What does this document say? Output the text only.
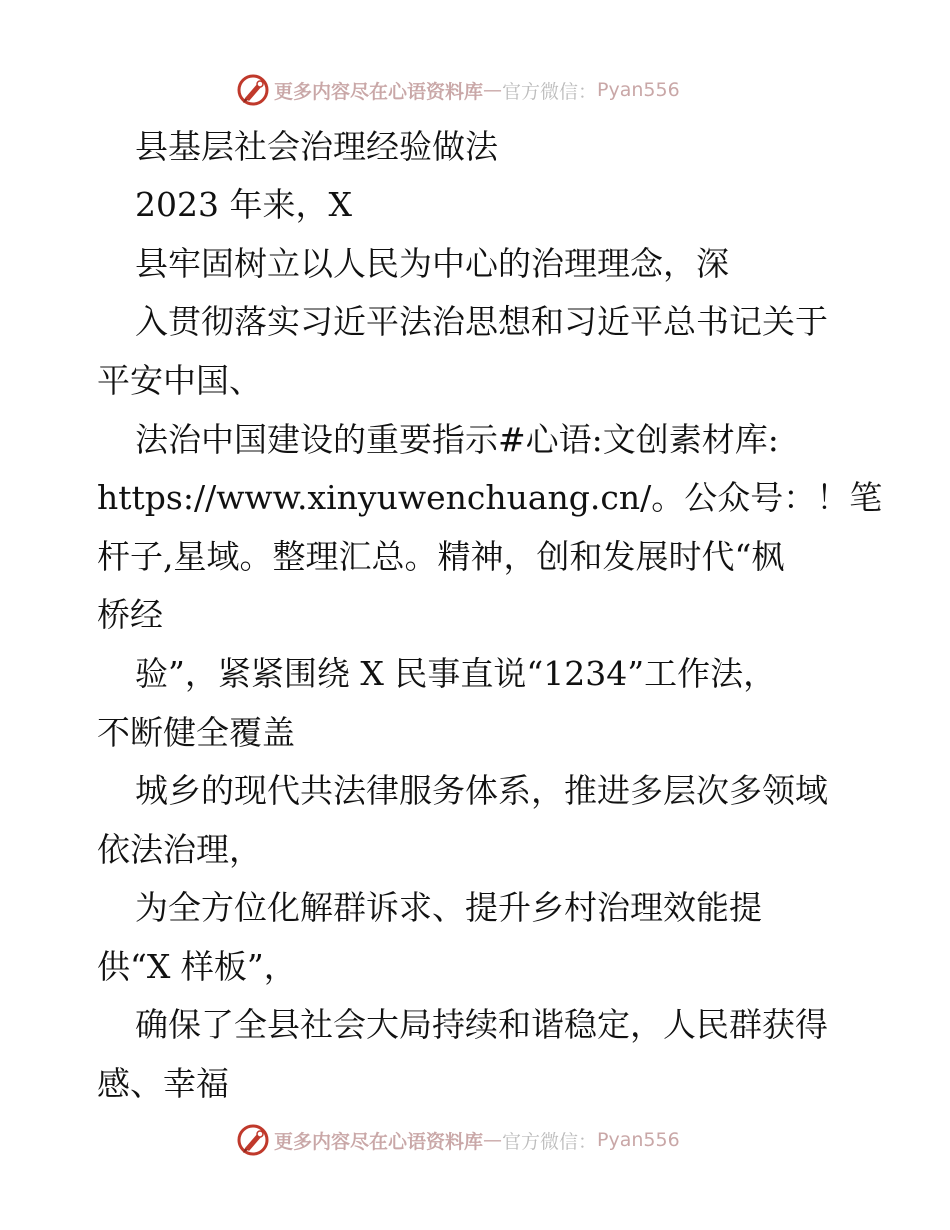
更多内容尽在心语资料库 — 官方微信： Pyan556
县基层社会治理经验做法
2023 年来，X
县牢固树立以人民为中心的治理理念，深
入贯彻落实习近平法治思想和习近平总书记关于
平安中国、
法治中国建设的重要指示#心语:文创素材库:
https://www.xinyuwenchuang.cn/。公众号：！笔
杆子,星域。整理汇总。精神，创和发展时代“枫
桥经
验”，紧紧围绕 X 民事直说“1234”工作法，
不断健全覆盖
城乡的现代共法律服务体系，推进多层次多领域
依法治理，
为全方位化解群诉求、提升乡村治理效能提
供“X 样板”，
确保了全县社会大局持续和谐稳定，人民群获得
感、幸福
更多内容尽在心语资料库 — 官方微信： Pyan556
